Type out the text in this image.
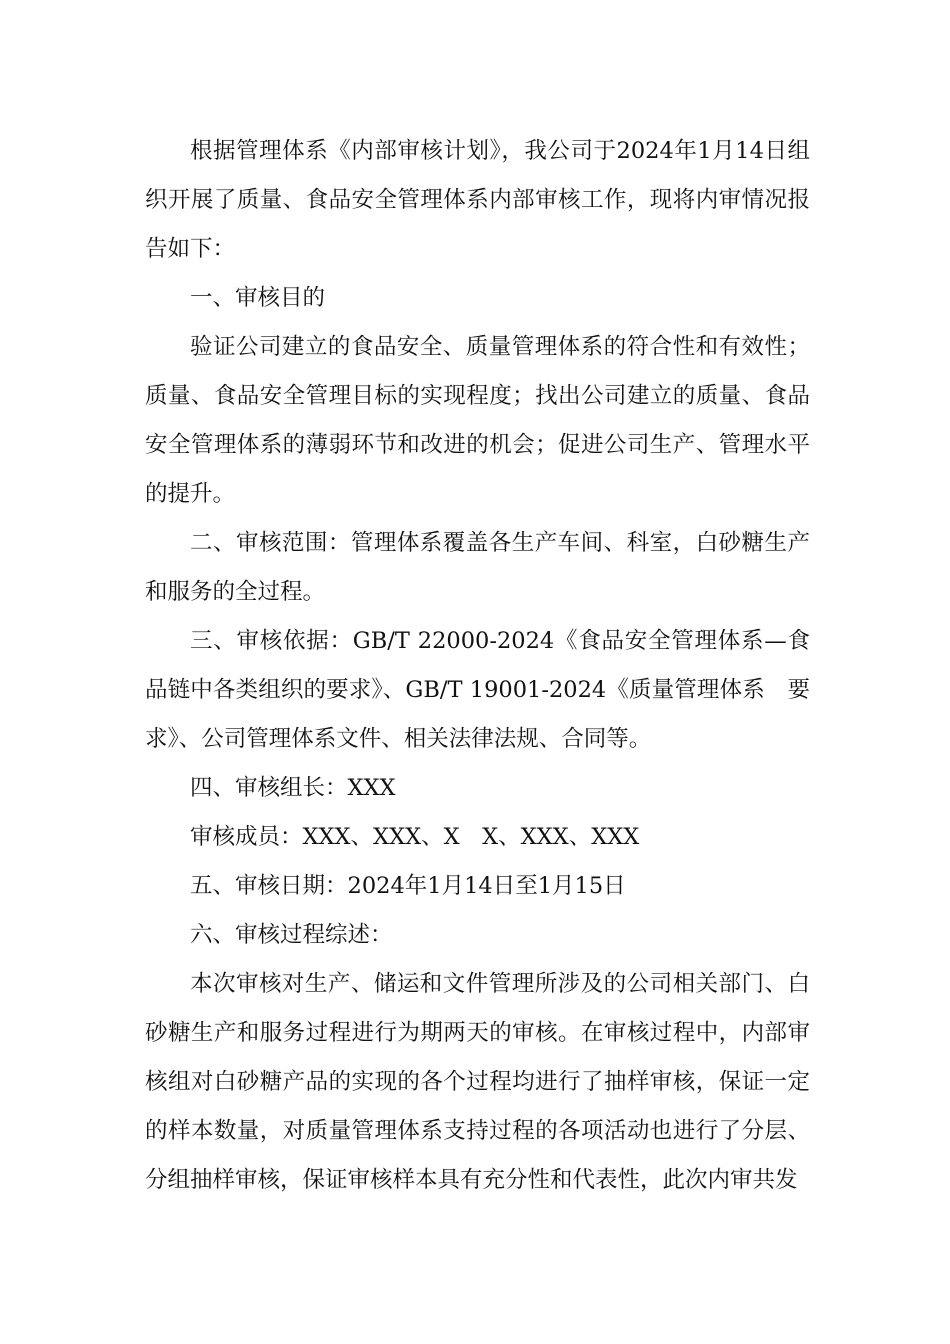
根据管理体系《内部审核计划》，我公司于2024年1月14日组织开展了质量、食品安全管理体系内部审核工作，现将内审情况报告如下：

一、审核目的

验证公司建立的食品安全、质量管理体系的符合性和有效性；质量、食品安全管理目标的实现程度；找出公司建立的质量、食品安全管理体系的薄弱环节和改进的机会；促进公司生产、管理水平的提升。

二、审核范围：管理体系覆盖各生产车间、科室，白砂糖生产和服务的全过程。

三、审核依据：GB/T 22000-2024《食品安全管理体系—食品链中各类组织的要求》、GB/T 19001-2024《质量管理体系　要求》、公司管理体系文件、相关法律法规、合同等。

四、审核组长：XXX

审核成员：XXX、XXX、X　X、XXX、XXX

五、审核日期：2024年1月14日至1月15日

六、审核过程综述：

本次审核对生产、储运和文件管理所涉及的公司相关部门、白砂糖生产和服务过程进行为期两天的审核。在审核过程中，内部审核组对白砂糖产品的实现的各个过程均进行了抽样审核，保证一定的样本数量，对质量管理体系支持过程的各项活动也进行了分层、分组抽样审核，保证审核样本具有充分性和代表性，此次内审共发
